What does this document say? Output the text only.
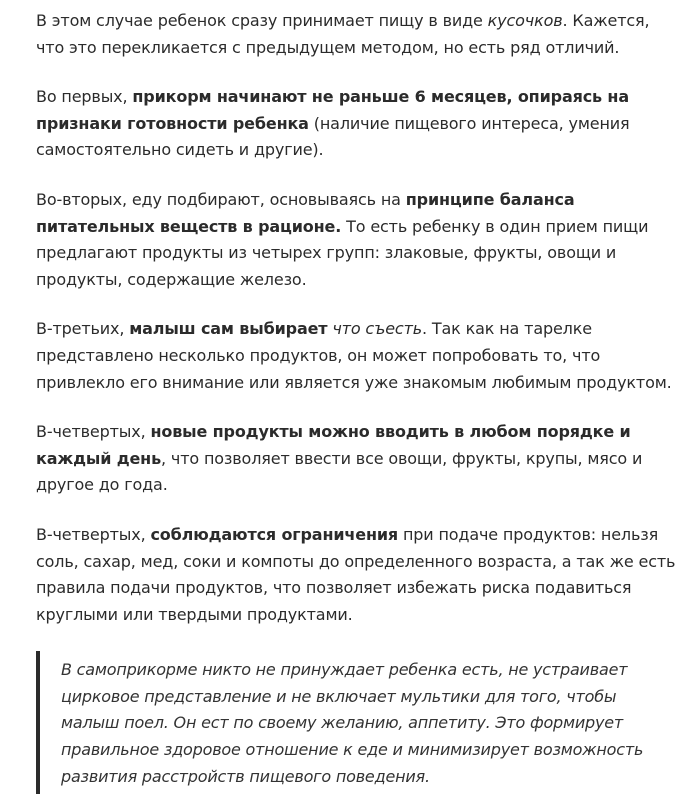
В этом случае ребенок сразу принимает пищу в виде кусочков. Кажется, что это перекликается с предыдущем методом, но есть ряд отличий.

Во первых, прикорм начинают не раньше 6 месяцев, опираясь на признаки готовности ребенка (наличие пищевого интереса, умения самостоятельно сидеть и другие).

Во-вторых, еду подбирают, основываясь на принципе баланса питательных веществ в рационе. То есть ребенку в один прием пищи предлагают продукты из четырех групп: злаковые, фрукты, овощи и продукты, содержащие железо.

В-третьих, малыш сам выбирает что съесть. Так как на тарелке представлено несколько продуктов, он может попробовать то, что привлекло его внимание или является уже знакомым любимым продуктом.

В-четвертых, новые продукты можно вводить в любом порядке и каждый день, что позволяет ввести все овощи, фрукты, крупы, мясо и другое до года.

В-четвертых, соблюдаются ограничения при подаче продуктов: нельзя соль, сахар, мед, соки и компоты до определенного возраста, а так же есть правила подачи продуктов, что позволяет избежать риска подавиться круглыми или твердыми продуктами.

В самоприкорме никто не принуждает ребенка есть, не устраивает цирковое представление и не включает мультики для того, чтобы малыш поел. Он ест по своему желанию, аппетиту. Это формирует правильное здоровое отношение к еде и минимизирует возможность развития расстройств пищевого поведения.
